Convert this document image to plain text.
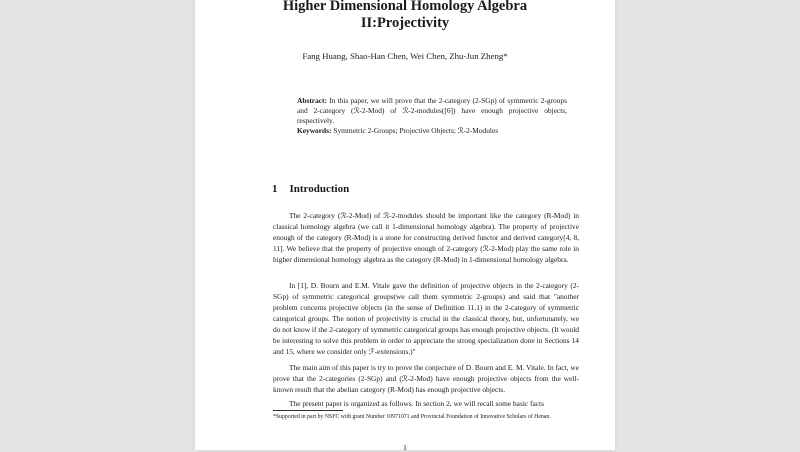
Higher Dimensional Homology Algebra
II:Projectivity
Fang Huang, Shao-Han Chen, Wei Chen, Zhu-Jun Zheng*
Abstract: In this paper, we will prove that the 2-category (2-SGp) of symmetric 2-groups and 2-category (ℛ-2-Mod) of ℛ-2-modules([6]) have enough projective objects, respectively.
Keywords: Symmetric 2-Groups; Projective Objects; ℛ-2-Modules
1 Introduction
The 2-category (ℛ-2-Mod) of ℛ-2-modules should be important like the category (R-Mod) in classical homology algebra (we call it 1-dimensional homology algebra). The property of projective enough of the category (R-Mod) is a stone for constructing derived functor and derived category[4, 8, 11]. We believe that the property of projective enough of 2-category (ℛ-2-Mod) play the same role in higher dimensional homology algebra as the category (R-Mod) in 1-dimensional homology algebra.
In [1], D. Bourn and E.M. Vitale gave the definition of projective objects in the 2-category (2-SGp) of symmetric categorical groups(we call them symmetric 2-groups) and said that "another problem concerns projective objects (in the sense of Definition 11.1) in the 2-category of symmetric categorical groups. The notion of projectivity is crucial in the classical theory, but, unfortunately, we do not know if the 2-category of symmetric categorical groups has enough projective objects. (It would be interesting to solve this problem in order to appreciate the strong specialization done in Sections 14 and 15, where we consider only ℱ-extensions.)"
The main aim of this paper is try to prove the conjecture of D. Bourn and E. M. Vitale. In fact, we prove that the 2-categories (2-SGp) and (ℛ-2-Mod) have enough projective objects from the well-known result that the abelian category (R-Mod) has enough projective objects.
The present paper is organized as follows. In section 2, we will recall some basic facts
*Supported in part by NSFC with grant Number 10971071 and Provincial Foundation of Innovative Scholars of Henan.
1
